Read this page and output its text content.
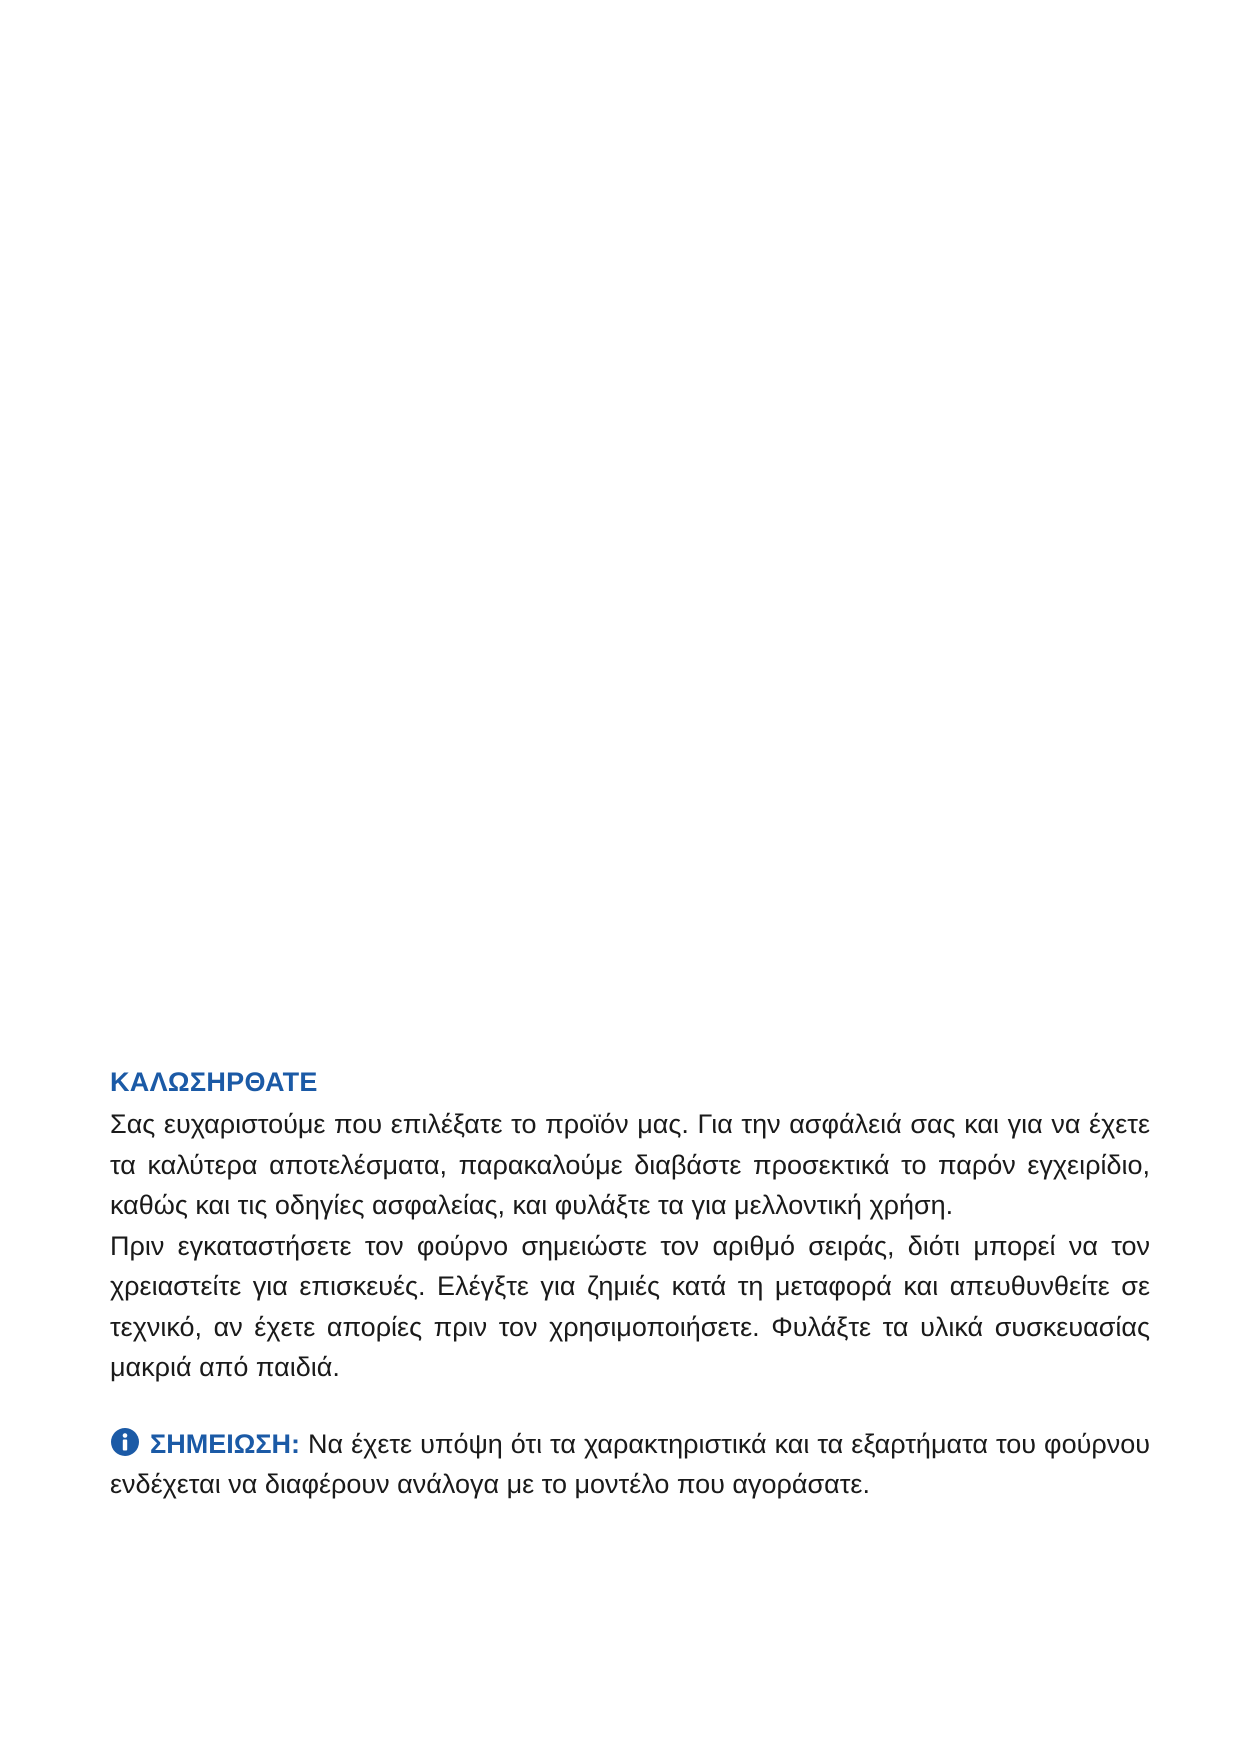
ΚΑΛΩΣΗΡΘΑΤΕ

Σας ευχαριστούμε που επιλέξατε το προϊόν μας. Για την ασφάλειά σας και για να έχετε τα καλύτερα αποτελέσματα, παρακαλούμε διαβάστε προσεκτικά το παρόν εγχειρίδιο, καθώς και τις οδηγίες ασφαλείας, και φυλάξτε τα για μελλοντική χρήση.

Πριν εγκαταστήσετε τον φούρνο σημειώστε τον αριθμό σειράς, διότι μπορεί να τον χρειαστείτε για επισκευές. Ελέγξτε για ζημιές κατά τη μεταφορά και απευθυνθείτε σε τεχνικό, αν έχετε απορίες πριν τον χρησιμοποιήσετε. Φυλάξτε τα υλικά συσκευασίας μακριά από παιδιά.

ΣΗΜΕΙΩΣΗ: Να έχετε υπόψη ότι τα χαρακτηριστικά και τα εξαρτήματα του φούρνου ενδέχεται να διαφέρουν ανάλογα με το μοντέλο που αγοράσατε.
